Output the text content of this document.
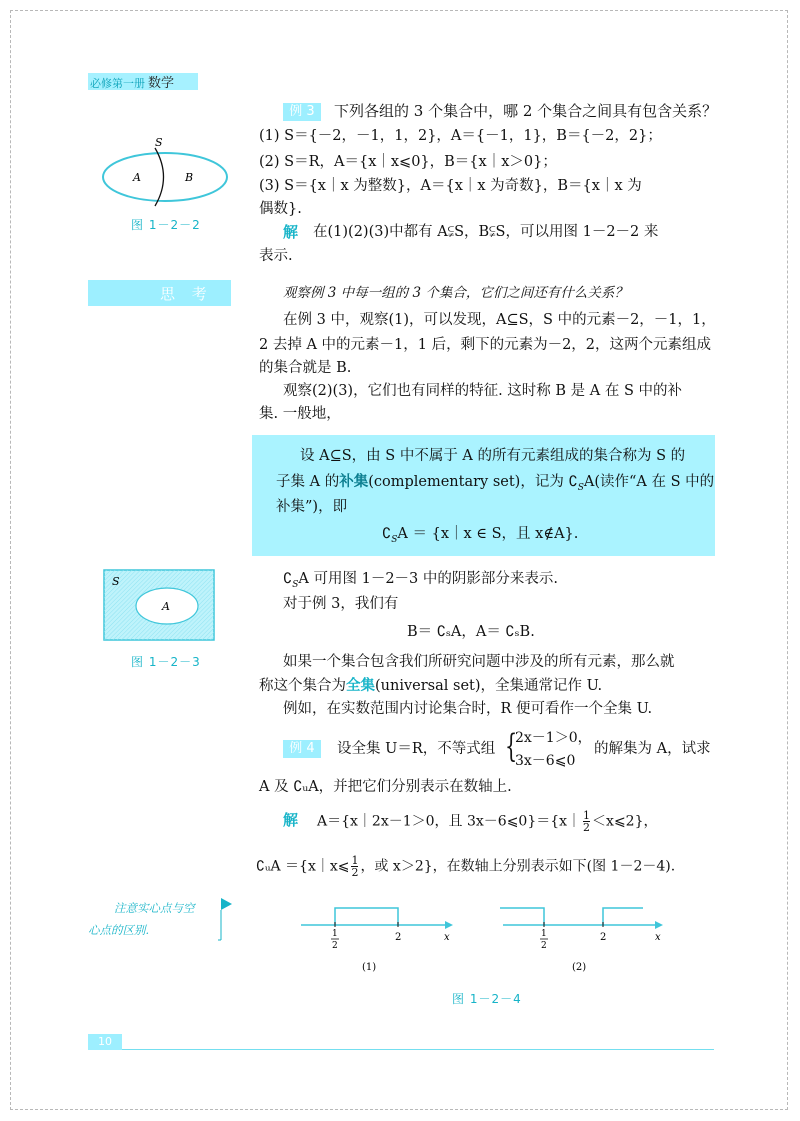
必修第一册 数学
S
A	B
图 1－2－2
例 3	下列各组的 3 个集合中，哪 2 个集合之间具有包含关系？
(1) S＝{－2，－1，1，2}，A＝{－1，1}，B＝{－2，2}；
(2) S＝R，A＝{x｜x⩽0}，B＝{x｜x＞0}；
(3) S＝{x｜x 为整数}，A＝{x｜x 为奇数}，B＝{x｜x 为
偶数}.
解 在(1)(2)(3)中都有 A⫋S，B⫋S，可以用图 1－2－2 来
表示.
思 考	观察例 3 中每一组的 3 个集合，它们之间还有什么关系？
在例 3 中，观察(1)，可以发现，A⊆S，S 中的元素－2，－1，1，
2 去掉 A 中的元素－1，1 后，剩下的元素为－2，2，这两个元素组成
的集合就是 B.
观察(2)(3)，它们也有同样的特征. 这时称 B 是 A 在 S 中的补
集. 一般地，
设 A⊆S，由 S 中不属于 A 的所有元素组成的集合称为 S 的
子集 A 的补集(complementary set)，记为 $∁_SA$(读作“A 在 S 中的
补集”)，即
$∁_SA$ ＝ {x｜x ∈ S，且 x∉A}.
S
A
图 1－2－3
$∁_SA$ 可用图 1－2－3 中的阴影部分来表示.
对于例 3，我们有
B＝ ∁ₛA，A＝ ∁ₛB.
如果一个集合包含我们所研究问题中涉及的所有元素，那么就
称这个集合为全集(universal set)，全集通常记作 U.
例如，在实数范围内讨论集合时，R 便可看作一个全集 U.
例 4	设全集 U＝R，不等式组 {
2x－1＞0，
3x－6⩽0
的解集为 A，试求
A 及 ∁ᵤA，并把它们分别表示在数轴上.
解 A＝{x｜2x－1＞0，且 3x－6⩽0}＝{x｜ $\frac{1}{2}$ ＜x⩽2}，
∁ᵤA ＝{x｜x⩽ $\frac{1}{2}$ ，或 x＞2}，在数轴上分别表示如下(图 1－2－4).
注意实心点与空
心点的区别.	1
2
2	x
(1)
1
2
2	x
(2)
图 1－2－4
10
